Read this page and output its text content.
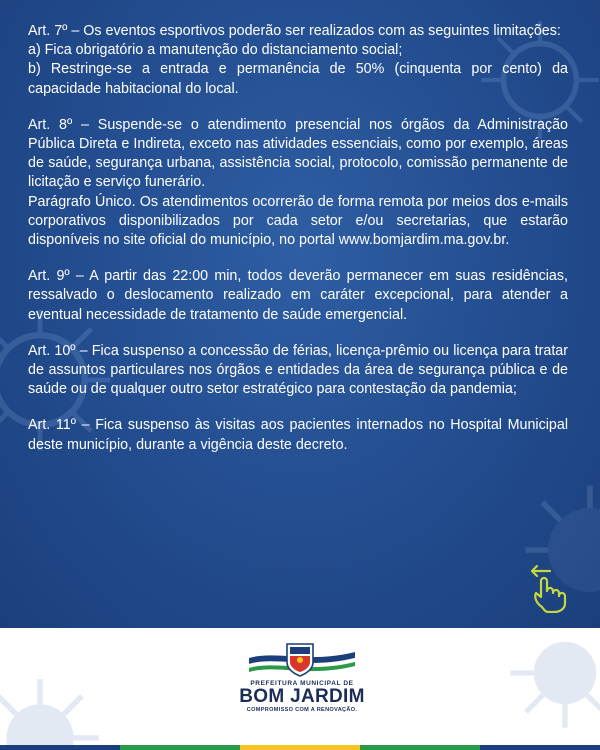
Art. 7º – Os eventos esportivos poderão ser realizados com as seguintes limitações:
a) Fica obrigatório a manutenção do distanciamento social;
b) Restringe-se a entrada e permanência de 50% (cinquenta por cento) da capacidade habitacional do local.

Art. 8º – Suspende-se o atendimento presencial nos órgãos da Administração Pública Direta e Indireta, exceto nas atividades essenciais, como por exemplo, áreas de saúde, segurança urbana, assistência social, protocolo, comissão permanente de licitação e serviço funerário.
Parágrafo Único. Os atendimentos ocorrerão de forma remota por meios dos e-mails corporativos disponibilizados por cada setor e/ou secretarias, que estarão disponíveis no site oficial do município, no portal www.bomjardim.ma.gov.br.

Art. 9º – A partir das 22:00 min, todos deverão permanecer em suas residências, ressalvado o deslocamento realizado em caráter excepcional, para atender a eventual necessidade de tratamento de saúde emergencial.

Art. 10º – Fica suspenso a concessão de férias, licença-prêmio ou licença para tratar de assuntos particulares nos órgãos e entidades da área de segurança pública e de saúde ou de qualquer outro setor estratégico para contestação da pandemia;

Art. 11º – Fica suspenso às visitas aos pacientes internados no Hospital Municipal deste município, durante a vigência deste decreto.

PREFEITURA MUNICIPAL DE
BOM JARDIM
COMPROMISSO COM A RENOVAÇÃO.
